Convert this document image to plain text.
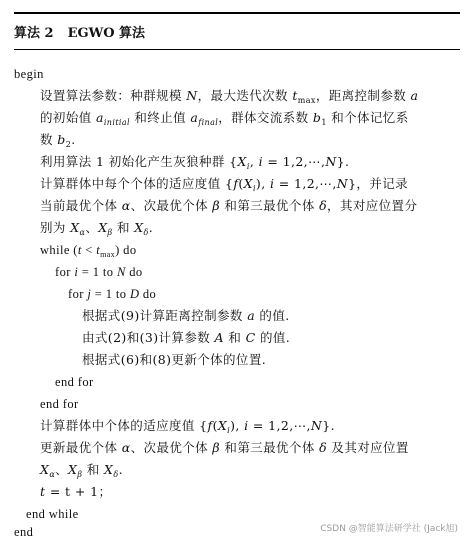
算法 2 EGWO 算法
begin
设置算法参数：种群规模 N，最大迭代次数 $t_{max}$，距离控制参数 a
的初始值 $a_{initial}$ 和终止值 $a_{final}$，群体交流系数 $b_1$ 和个体记忆系
数 $b_2$.
利用算法 1 初始化产生灰狼种群 {$X_i$, i = 1,2,⋯,N}.
计算群体中每个个体的适应度值 {$f(X_i)$, i = 1,2,⋯,N}，并记录
当前最优个体 α、次最优个体 β 和第三最优个体 δ，其对应位置分
别为 $X_\alpha$、$X_\beta$ 和 $X_\delta$.
while $(t < t_{max})$ do
for i = 1 to N do
for j = 1 to D do
根据式(9)计算距离控制参数 a 的值.
由式(2)和(3)计算参数 A 和 C 的值.
根据式(6)和(8)更新个体的位置.
end for
end for
计算群体中个体的适应度值 {$f(X_i)$, i = 1,2,⋯,N}.
更新最优个体 α、次最优个体 β 和第三最优个体 δ 及其对应位置
$X_\alpha$、$X_\beta$ 和 $X_\delta$.
t = t + 1；
end while
end	CSDN @智能算法研学社 (Jack旭)
